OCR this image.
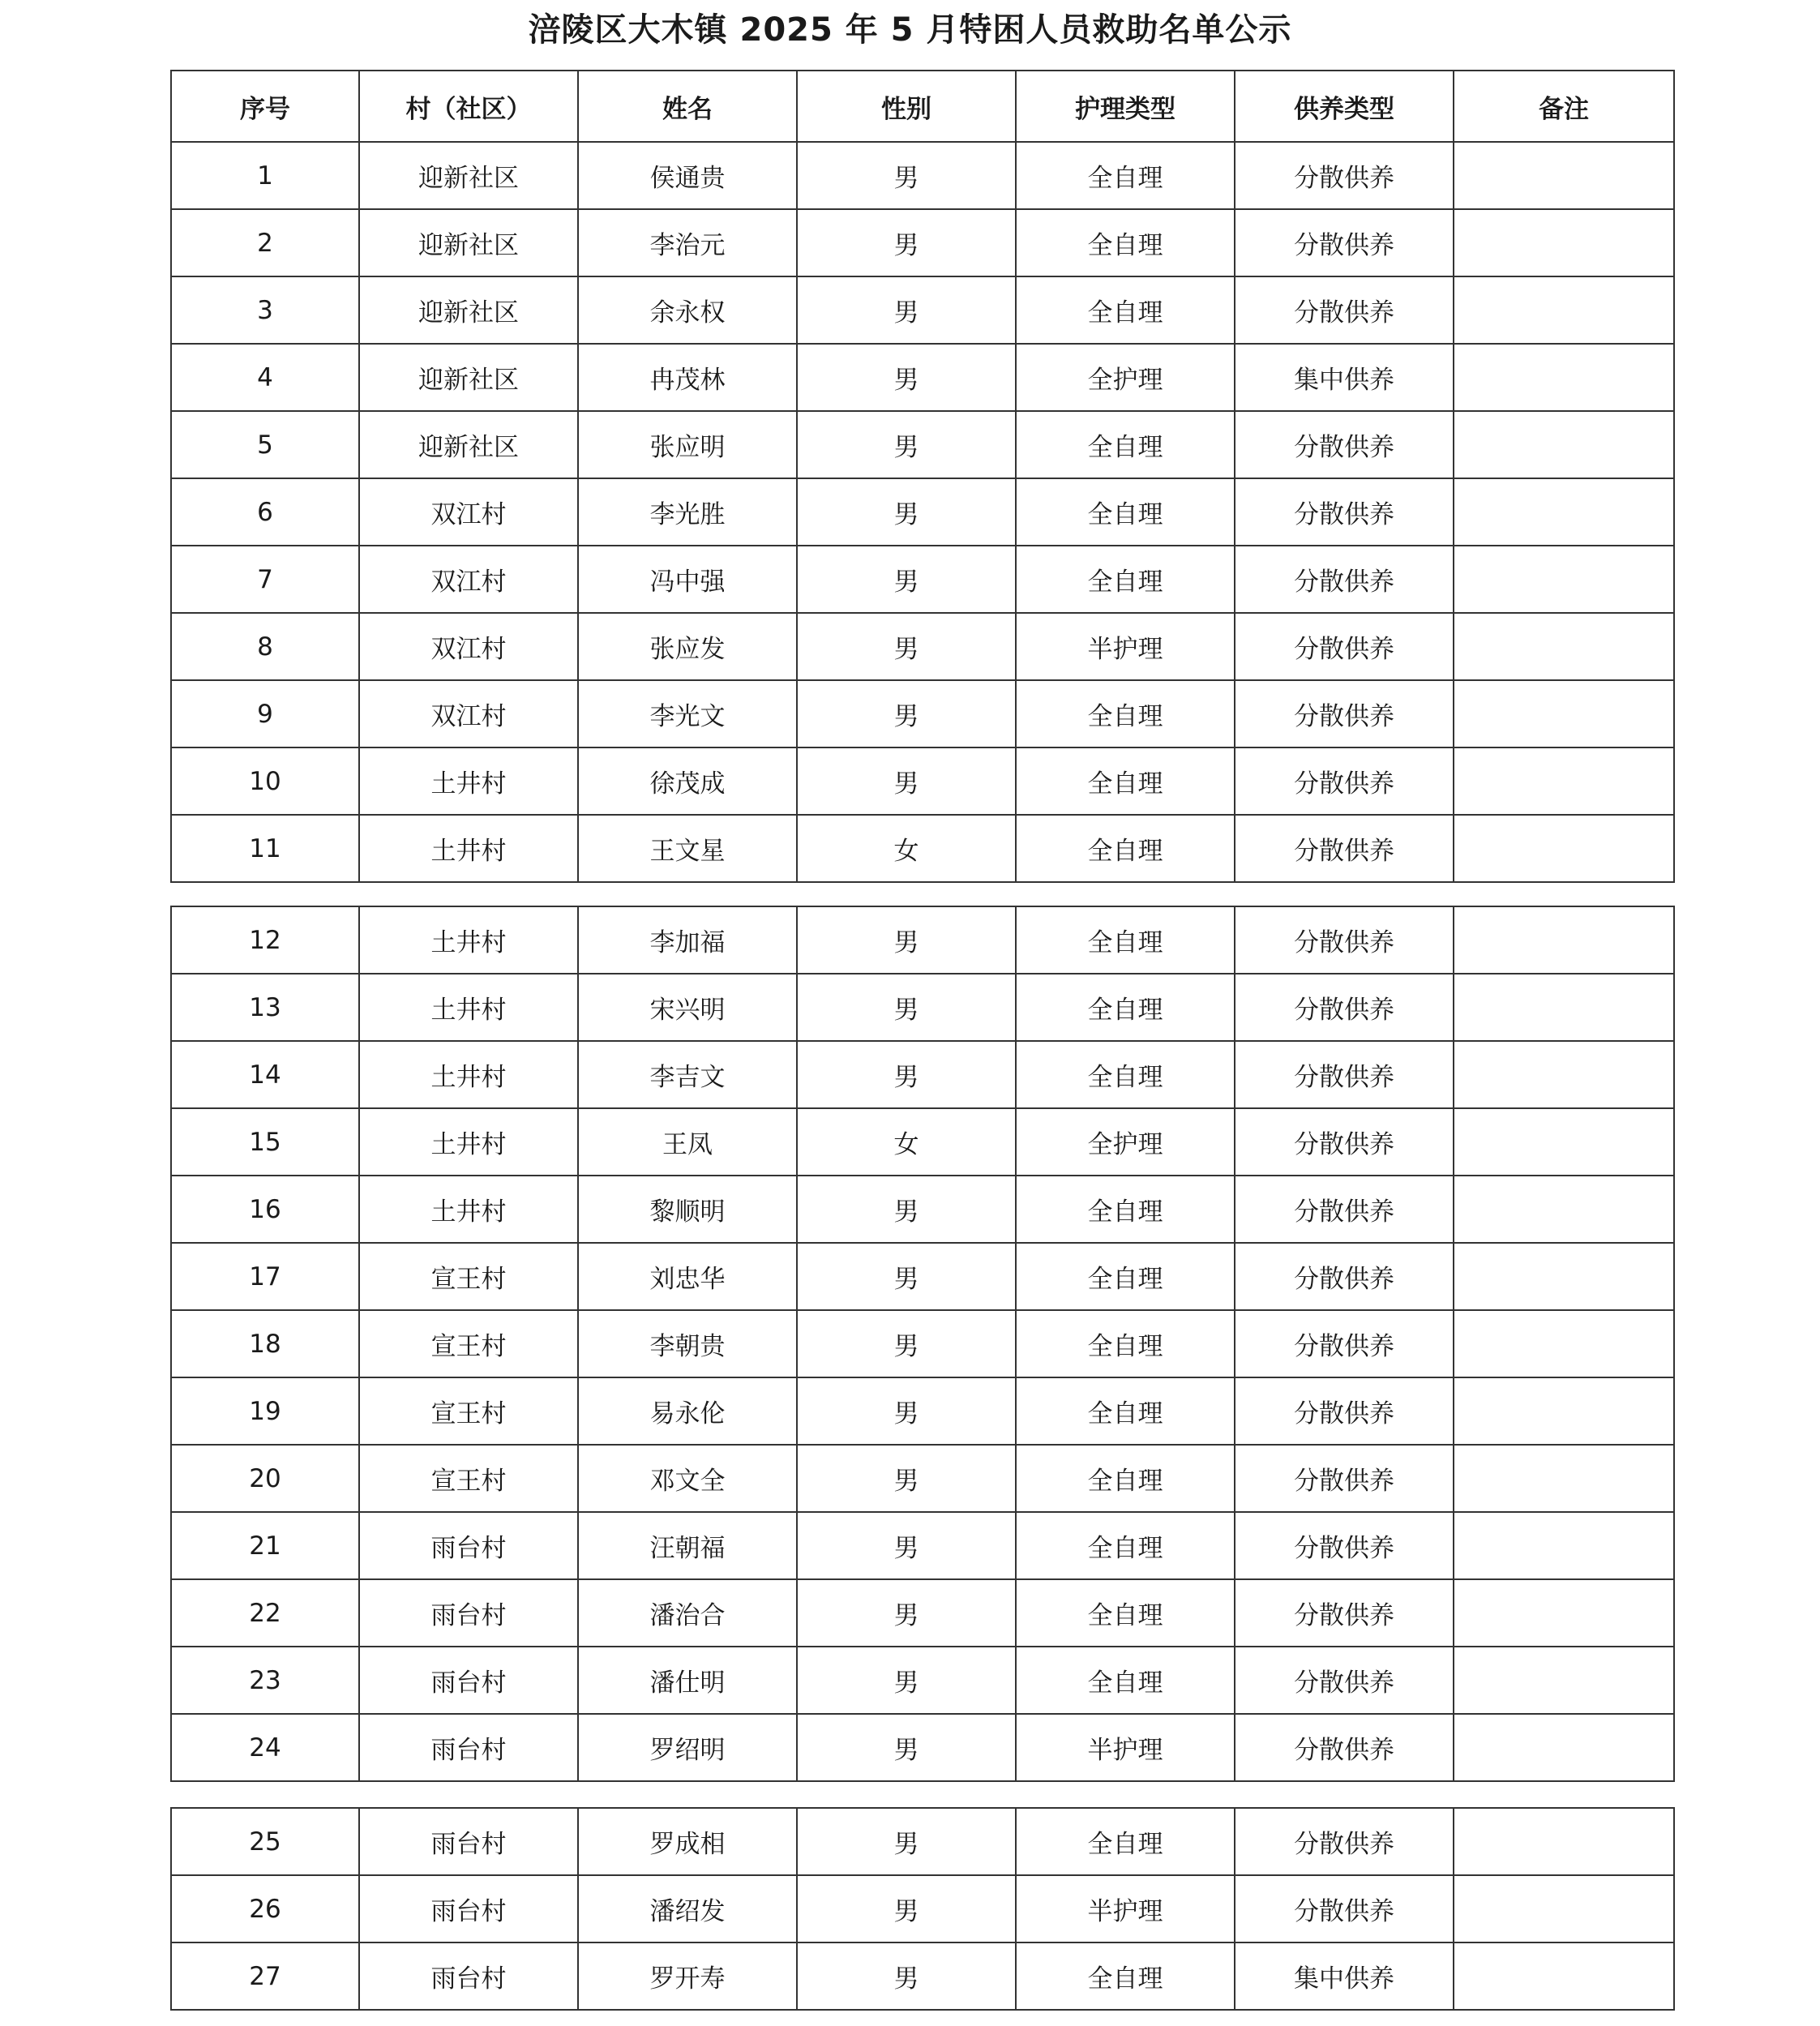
涪陵区大木镇 2025 年 5 月特困人员救助名单公示
序号	村（社区）	姓名	性别	护理类型	供养类型	备注
1	迎新社区	侯通贵	男	全自理	分散供养	
2	迎新社区	李治元	男	全自理	分散供养	
3	迎新社区	余永权	男	全自理	分散供养	
4	迎新社区	冉茂林	男	全护理	集中供养	
5	迎新社区	张应明	男	全自理	分散供养	
6	双江村	李光胜	男	全自理	分散供养	
7	双江村	冯中强	男	全自理	分散供养	
8	双江村	张应发	男	半护理	分散供养	
9	双江村	李光文	男	全自理	分散供养	
10	土井村	徐茂成	男	全自理	分散供养	
11	土井村	王文星	女	全自理	分散供养	
12	土井村	李加福	男	全自理	分散供养	
13	土井村	宋兴明	男	全自理	分散供养	
14	土井村	李吉文	男	全自理	分散供养	
15	土井村	王凤	女	全护理	分散供养	
16	土井村	黎顺明	男	全自理	分散供养	
17	宣王村	刘忠华	男	全自理	分散供养	
18	宣王村	李朝贵	男	全自理	分散供养	
19	宣王村	易永伦	男	全自理	分散供养	
20	宣王村	邓文全	男	全自理	分散供养	
21	雨台村	汪朝福	男	全自理	分散供养	
22	雨台村	潘治合	男	全自理	分散供养	
23	雨台村	潘仕明	男	全自理	分散供养	
24	雨台村	罗绍明	男	半护理	分散供养	
25	雨台村	罗成相	男	全自理	分散供养	
26	雨台村	潘绍发	男	半护理	分散供养	
27	雨台村	罗开寿	男	全自理	集中供养	
